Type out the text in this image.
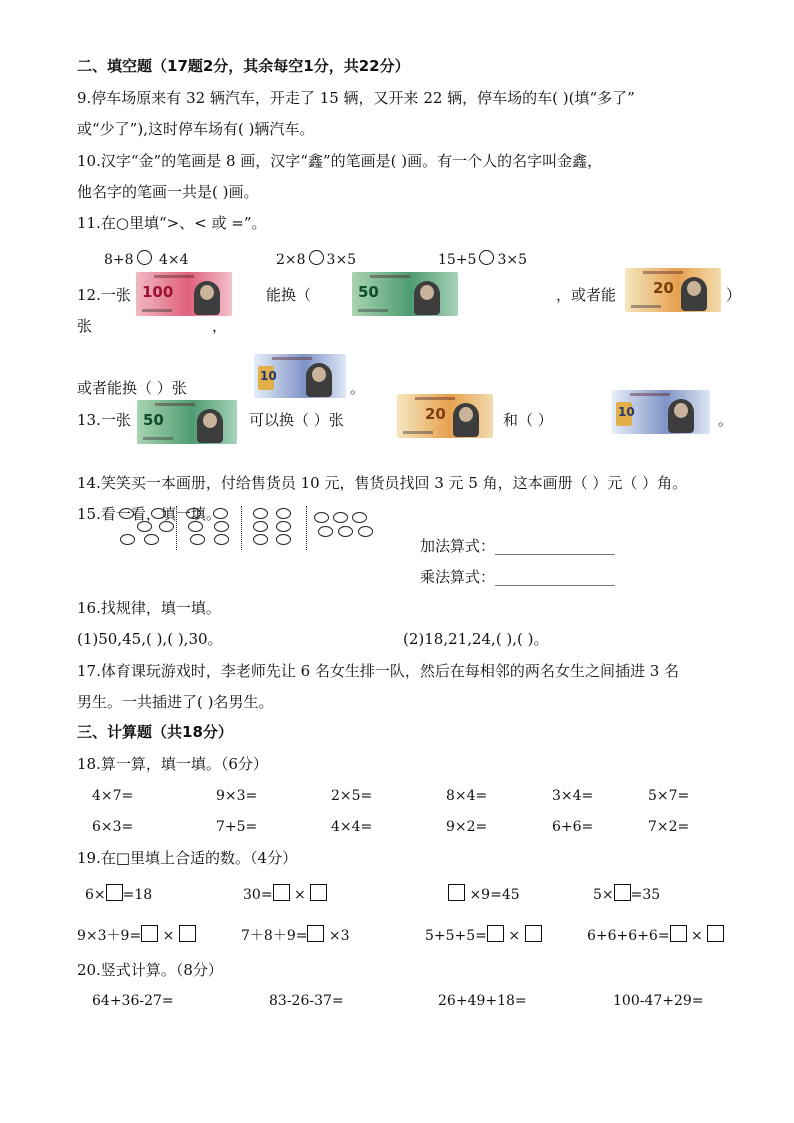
二、填空题（17题2分，其余每空1分，共22分）
9.停车场原来有 32 辆汽车，开走了 15 辆，又开来 22 辆，停车场的车( )(填“多了”
或“少了”),这时停车场有( )辆汽车。
10.汉字“金”的笔画是 8 画，汉字“鑫”的笔画是( )画。有一个人的名字叫金鑫，
他名字的笔画一共是( )画。
11.在○里填“>、< 或 =”。
8+8 4×4	2×8 3×5	15+5 3×5
12.一张 100	能换（	50	，或者能 20	）
张	，
或者能换（ ）张
10
。
13.一张 50	可以换（ ）张	20	和（ ）	10	。
14.笑笑买一本画册，付给售货员 10 元，售货员找回 3 元 5 角，这本画册（ ）元（ ）角。
15.看一看，填一填。
加法算式：________________
乘法算式：________________
16.找规律，填一填。
(1)50,45,( ),( ),30。	(2)18,21,24,( ),( )。
17.体育课玩游戏时，李老师先让 6 名女生排一队，然后在每相邻的两名女生之间插进 3 名
男生。一共插进了( )名男生。
三、计算题（共18分）
18.算一算，填一填。（6分）
4×7=	9×3=	2×5=	8×4=	3×4=	5×7=
6×3=	7+5=	4×4=	9×2=	6+6=	7×2=
19.在□里填上合适的数。（4分）
6× =18	30= ×	×9=45	5× =35
9×3＋9= ×	7＋8＋9= ×3	5+5+5= ×	6+6+6+6= ×
20.竖式计算。（8分）
64+36-27=	83-26-37=	26+49+18=	100-47+29=
